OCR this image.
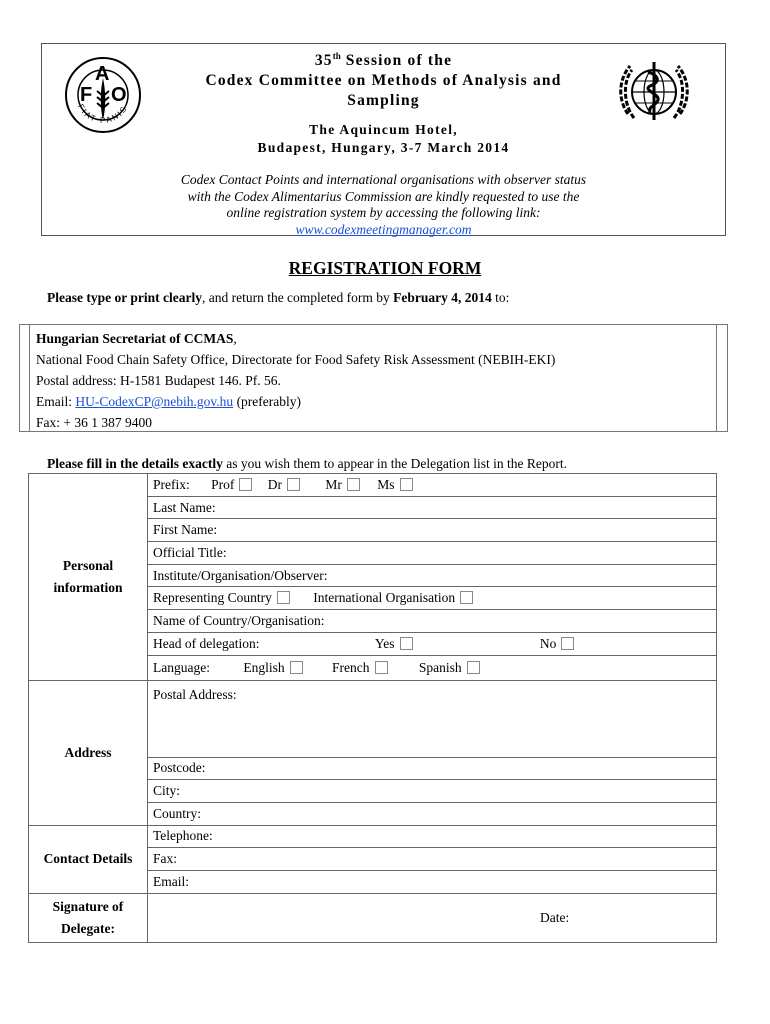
F
A
O
FIAT PANIS
35th Session of the
Codex Committee on Methods of Analysis and
Sampling
The Aquincum Hotel,
Budapest, Hungary, 3-7 March 2014
Codex Contact Points and international organisations with observer status
with the Codex Alimentarius Commission are kindly requested to use the
online registration system by accessing the following link:
www.codexmeetingmanager.com
REGISTRATION FORM
Please type or print clearly, and return the completed form by February 4, 2014 to:
Hungarian Secretariat of CCMAS,
National Food Chain Safety Office, Directorate for Food Safety Risk Assessment (NEBIH-EKI)
Postal address: H-1581 Budapest 146. Pf. 56.
Email: HU-CodexCP@nebih.gov.hu (preferably)
Fax: + 36 1 387 9400
Please fill in the details exactly as you wish them to appear in the Delegation list in the Report.
Personal
information	Prefix: Prof Dr Mr Ms
	Last Name:
	First Name:
	Official Title:
	Institute/Organisation/Observer:
	Representing Country International Organisation
	Name of Country/Organisation:
	Head of delegation: Yes No
	Language: English French Spanish
Address	Postal Address:
	Postcode:
	City:
	Country:
Contact Details	Telephone:
	Fax:
	Email:

Signature of
Delegate:	Date:
